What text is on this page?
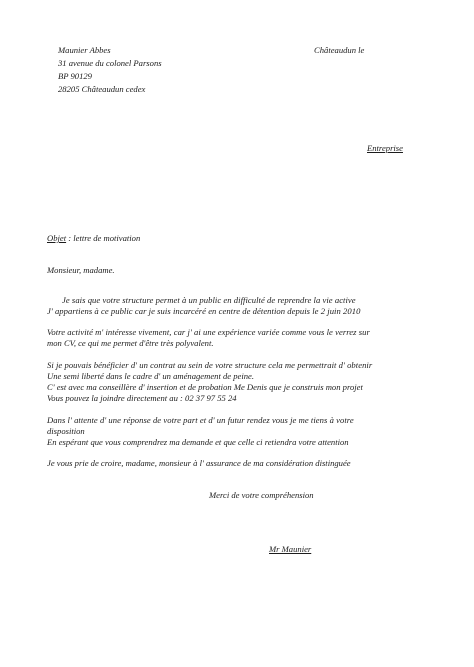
Maunier Abbes
31 avenue du colonel Parsons
BP 90129
28205 Châteaudun cedex
Châteaudun le
Entreprise
Objet : lettre de motivation
Monsieur, madame.
Je sais que votre structure permet à un public en difficulté de reprendre la vie active
J' appartiens à ce public car je suis incarcéré en centre de détention depuis le 2 juin 2010
Votre activité m' intéresse vivement, car j' ai une expérience variée comme vous le verrez sur
mon CV, ce qui me permet d'être très polyvalent.
Si je pouvais bénéficier d' un contrat au sein de votre structure cela me permettrait d' obtenir
Une semi liberté dans le cadre d' un aménagement de peine.
C' est avec ma conseillère d' insertion et de probation Me Denis que je construis mon projet
Vous pouvez la joindre directement au : 02 37 97 55 24
Dans l' attente d' une réponse de votre part et d' un futur rendez vous je me tiens à votre
disposition
En espérant que vous comprendrez ma demande et que celle ci retiendra votre attention
Je vous prie de croire, madame, monsieur à l' assurance de ma considération distinguée
Merci de votre compréhension
Mr Maunier
